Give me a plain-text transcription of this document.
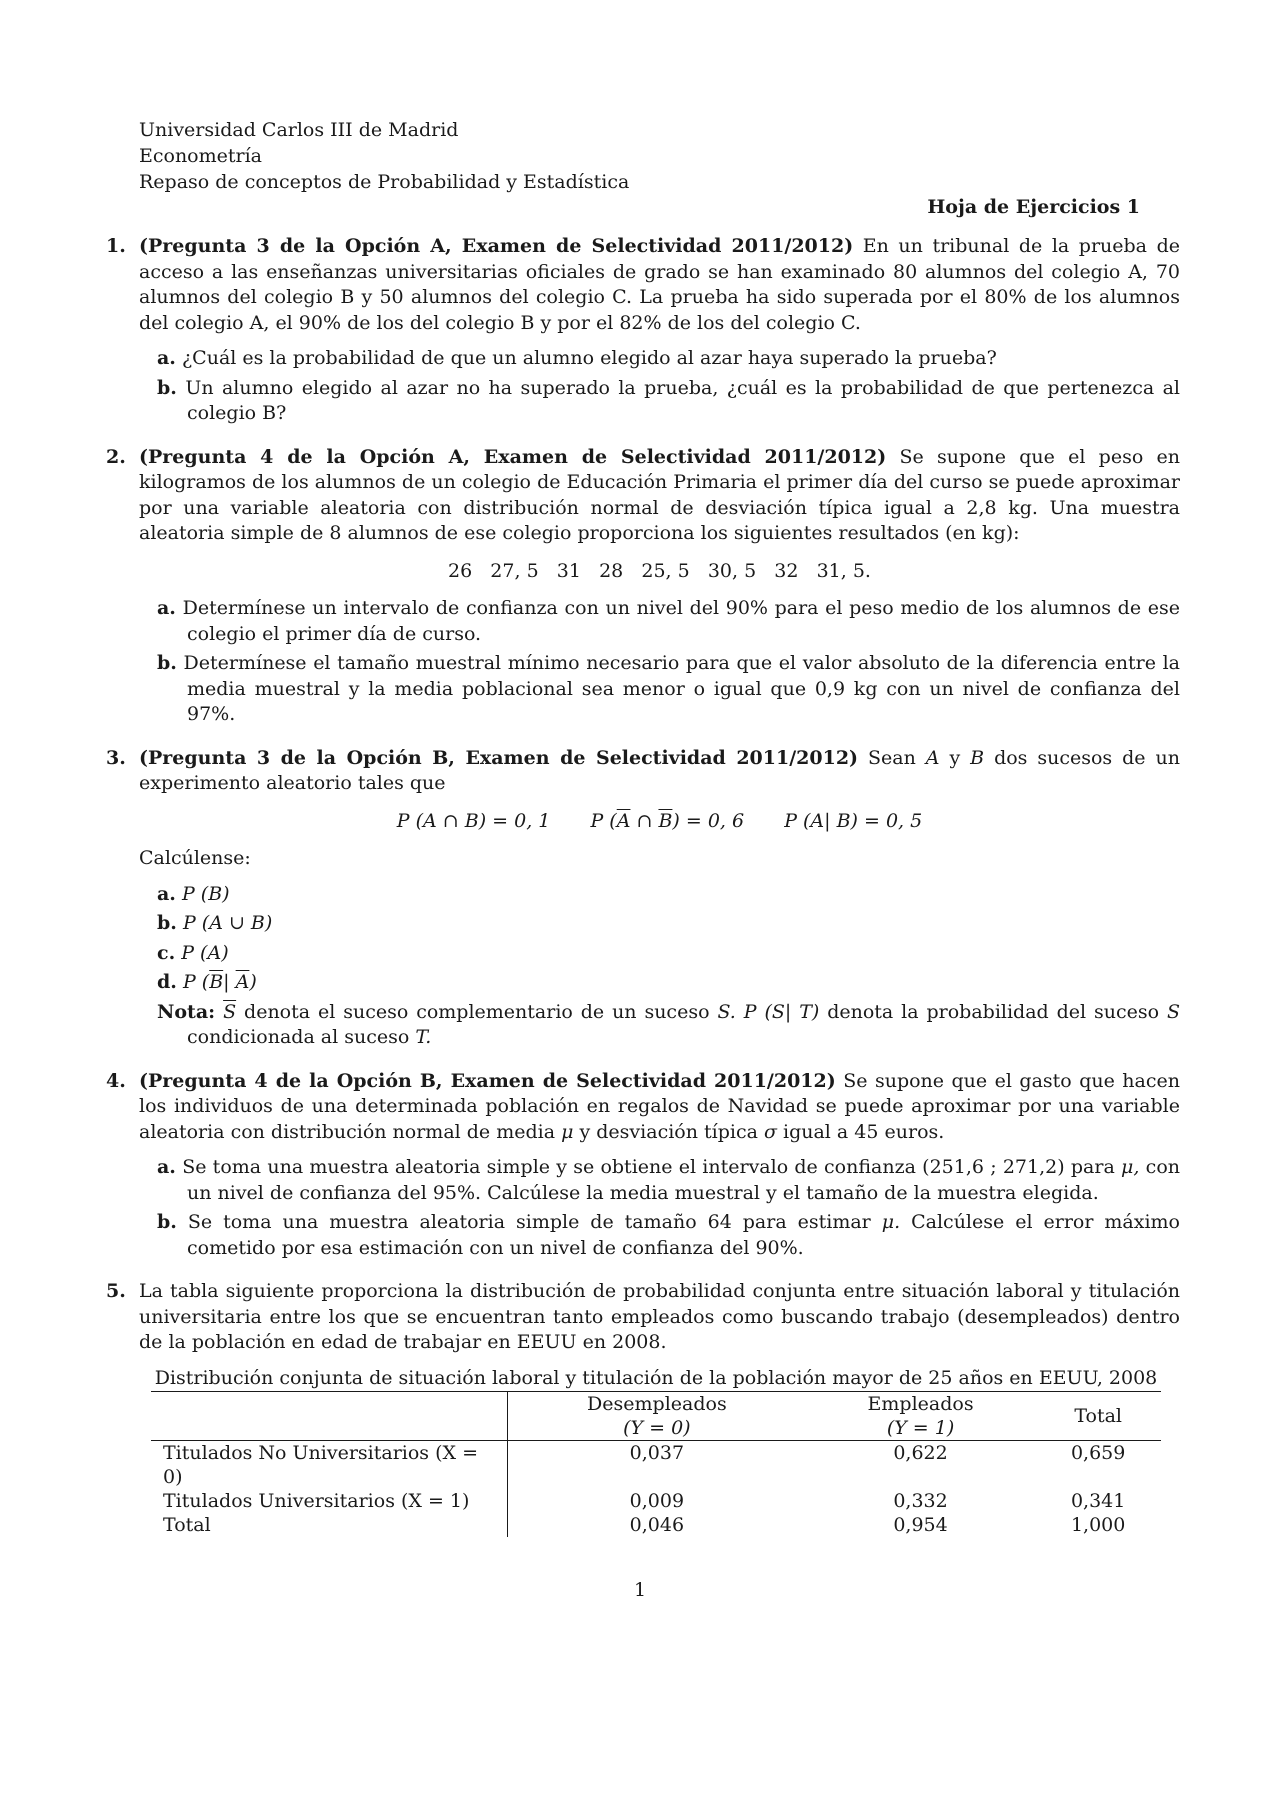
Universidad Carlos III de Madrid
Econometría
Repaso de conceptos de Probabilidad y Estadística
Hoja de Ejercicios 1
1. (Pregunta 3 de la Opción A, Examen de Selectividad 2011/2012) En un tribunal de la prueba de acceso a las enseñanzas universitarias oficiales de grado se han examinado 80 alumnos del colegio A, 70 alumnos del colegio B y 50 alumnos del colegio C. La prueba ha sido superada por el 80% de los alumnos del colegio A, el 90% de los del colegio B y por el 82% de los del colegio C.
a. ¿Cuál es la probabilidad de que un alumno elegido al azar haya superado la prueba?
b. Un alumno elegido al azar no ha superado la prueba, ¿cuál es la probabilidad de que pertenezca al colegio B?
2. (Pregunta 4 de la Opción A, Examen de Selectividad 2011/2012) Se supone que el peso en kilogramos de los alumnos de un colegio de Educación Primaria el primer día del curso se puede aproximar por una variable aleatoria con distribución normal de desviación típica igual a 2,8 kg. Una muestra aleatoria simple de 8 alumnos de ese colegio proporciona los siguientes resultados (en kg):
26   27, 5   31   28   25, 5   30, 5   32   31, 5.
a. Determínese un intervalo de confianza con un nivel del 90% para el peso medio de los alumnos de ese colegio el primer día de curso.
b. Determínese el tamaño muestral mínimo necesario para que el valor absoluto de la diferencia entre la media muestral y la media poblacional sea menor o igual que 0,9 kg con un nivel de confianza del 97%.
3. (Pregunta 3 de la Opción B, Examen de Selectividad 2011/2012) Sean A y B dos sucesos de un experimento aleatorio tales que
P (A ∩ B) = 0, 1 P ($\overline{A}$ ∩ $\overline{B}) = 0$, 6 P (A| B) = 0, 5
Calcúlense:
a. P (B)
b. P (A ∪ B)
c. P (A)
d. P ($\overline{B}|$ $\overline{A}$)
Nota: $\overline{S}$ denota el suceso complementario de un suceso S. P (S| T) denota la probabilidad del suceso S condicionada al suceso T.
4. (Pregunta 4 de la Opción B, Examen de Selectividad 2011/2012) Se supone que el gasto que hacen los individuos de una determinada población en regalos de Navidad se puede aproximar por una variable aleatoria con distribución normal de media μ y desviación típica σ igual a 45 euros.
a. Se toma una muestra aleatoria simple y se obtiene el intervalo de confianza (251,6 ; 271,2) para μ, con un nivel de confianza del 95%. Calcúlese la media muestral y el tamaño de la muestra elegida.
b. Se toma una muestra aleatoria simple de tamaño 64 para estimar μ. Calcúlese el error máximo cometido por esa estimación con un nivel de confianza del 90%.
5. La tabla siguiente proporciona la distribución de probabilidad conjunta entre situación laboral y titulación universitaria entre los que se encuentran tanto empleados como buscando trabajo (desempleados) dentro de la población en edad de trabajar en EEUU en 2008.
Distribución conjunta de situación laboral y titulación de la población mayor de 25 años en EEUU, 2008
	Desempleados	Empleados	Total
	(Y = 0)	(Y = 1)	
Titulados No Universitarios (X = 0)	0,037	0,622	0,659
Titulados Universitarios (X = 1)	0,009	0,332	0,341
Total	0,046	0,954	1,000
1
